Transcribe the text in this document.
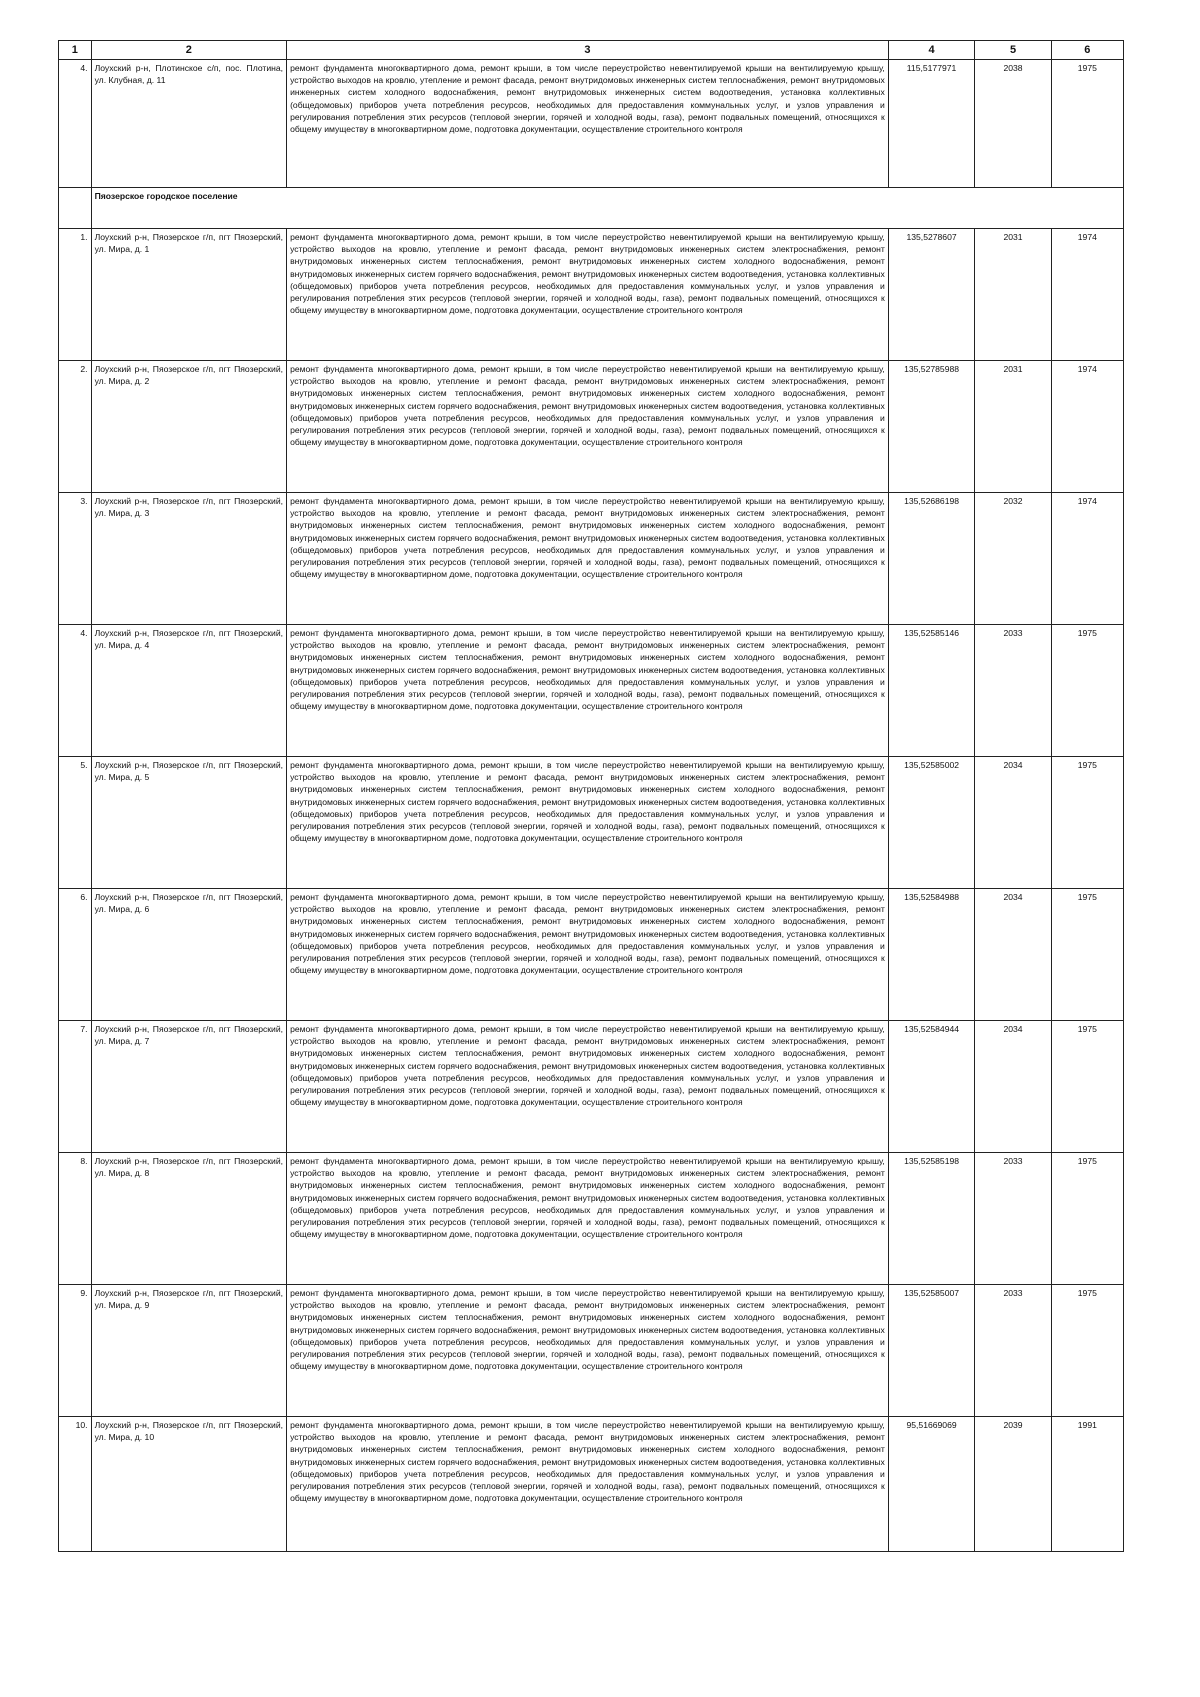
1	2	3	4	5	6
4.	Лоухский р-н, Плотинское с/п, пос. Плотина, ул. Клубная, д. 11	ремонт фундамента многоквартирного дома, ремонт крыши, в том числе переустройство невентилируемой крыши на вентилируемую крышу, устройство выходов на кровлю, утепление и ремонт фасада, ремонт внутридомовых инженерных систем теплоснабжения, ремонт внутридомовых инженерных систем холодного водоснабжения, ремонт внутридомовых инженерных систем водоотведения, установка коллективных (общедомовых) приборов учета потребления ресурсов, необходимых для предоставления коммунальных услуг, и узлов управления и регулирования потребления этих ресурсов (тепловой энергии, горячей и холодной воды, газа), ремонт подвальных помещений, относящихся к общему имуществу в многоквартирном доме, подготовка документации, осуществление строительного контроля	115,5177971	2038	1975
	Пяозерское городское поселение				
1.	Лоухский р-н, Пяозерское г/п, пгт Пяозерский, ул. Мира, д. 1	ремонт фундамента многоквартирного дома, ремонт крыши, в том числе переустройство невентилируемой крыши на вентилируемую крышу, устройство выходов на кровлю, утепление и ремонт фасада, ремонт внутридомовых инженерных систем электроснабжения, ремонт внутридомовых инженерных систем теплоснабжения, ремонт внутридомовых инженерных систем холодного водоснабжения, ремонт внутридомовых инженерных систем горячего водоснабжения, ремонт внутридомовых инженерных систем водоотведения, установка коллективных (общедомовых) приборов учета потребления ресурсов, необходимых для предоставления коммунальных услуг, и узлов управления и регулирования потребления этих ресурсов (тепловой энергии, горячей и холодной воды, газа), ремонт подвальных помещений, относящихся к общему имуществу в многоквартирном доме, подготовка документации, осуществление строительного контроля	135,5278607	2031	1974
2.	Лоухский р-н, Пяозерское г/п, пгт Пяозерский, ул. Мира, д. 2	ремонт фундамента многоквартирного дома, ремонт крыши, в том числе переустройство невентилируемой крыши на вентилируемую крышу, устройство выходов на кровлю, утепление и ремонт фасада, ремонт внутридомовых инженерных систем электроснабжения, ремонт внутридомовых инженерных систем теплоснабжения, ремонт внутридомовых инженерных систем холодного водоснабжения, ремонт внутридомовых инженерных систем горячего водоснабжения, ремонт внутридомовых инженерных систем водоотведения, установка коллективных (общедомовых) приборов учета потребления ресурсов, необходимых для предоставления коммунальных услуг, и узлов управления и регулирования потребления этих ресурсов (тепловой энергии, горячей и холодной воды, газа), ремонт подвальных помещений, относящихся к общему имуществу в многоквартирном доме, подготовка документации, осуществление строительного контроля	135,52785988	2031	1974
3.	Лоухский р-н, Пяозерское г/п, пгт Пяозерский, ул. Мира, д. 3	ремонт фундамента многоквартирного дома, ремонт крыши, в том числе переустройство невентилируемой крыши на вентилируемую крышу, устройство выходов на кровлю, утепление и ремонт фасада, ремонт внутридомовых инженерных систем электроснабжения, ремонт внутридомовых инженерных систем теплоснабжения, ремонт внутридомовых инженерных систем холодного водоснабжения, ремонт внутридомовых инженерных систем горячего водоснабжения, ремонт внутридомовых инженерных систем водоотведения, установка коллективных (общедомовых) приборов учета потребления ресурсов, необходимых для предоставления коммунальных услуг, и узлов управления и регулирования потребления этих ресурсов (тепловой энергии, горячей и холодной воды, газа), ремонт подвальных помещений, относящихся к общему имуществу в многоквартирном доме, подготовка документации, осуществление строительного контроля	135,52686198	2032	1974
4.	Лоухский р-н, Пяозерское г/п, пгт Пяозерский, ул. Мира, д. 4	ремонт фундамента многоквартирного дома, ремонт крыши, в том числе переустройство невентилируемой крыши на вентилируемую крышу, устройство выходов на кровлю, утепление и ремонт фасада, ремонт внутридомовых инженерных систем электроснабжения, ремонт внутридомовых инженерных систем теплоснабжения, ремонт внутридомовых инженерных систем холодного водоснабжения, ремонт внутридомовых инженерных систем горячего водоснабжения, ремонт внутридомовых инженерных систем водоотведения, установка коллективных (общедомовых) приборов учета потребления ресурсов, необходимых для предоставления коммунальных услуг, и узлов управления и регулирования потребления этих ресурсов (тепловой энергии, горячей и холодной воды, газа), ремонт подвальных помещений, относящихся к общему имуществу в многоквартирном доме, подготовка документации, осуществление строительного контроля	135,52585146	2033	1975
5.	Лоухский р-н, Пяозерское г/п, пгт Пяозерский, ул. Мира, д. 5	ремонт фундамента многоквартирного дома, ремонт крыши, в том числе переустройство невентилируемой крыши на вентилируемую крышу, устройство выходов на кровлю, утепление и ремонт фасада, ремонт внутридомовых инженерных систем электроснабжения, ремонт внутридомовых инженерных систем теплоснабжения, ремонт внутридомовых инженерных систем холодного водоснабжения, ремонт внутридомовых инженерных систем горячего водоснабжения, ремонт внутридомовых инженерных систем водоотведения, установка коллективных (общедомовых) приборов учета потребления ресурсов, необходимых для предоставления коммунальных услуг, и узлов управления и регулирования потребления этих ресурсов (тепловой энергии, горячей и холодной воды, газа), ремонт подвальных помещений, относящихся к общему имуществу в многоквартирном доме, подготовка документации, осуществление строительного контроля	135,52585002	2034	1975
6.	Лоухский р-н, Пяозерское г/п, пгт Пяозерский, ул. Мира, д. 6	ремонт фундамента многоквартирного дома, ремонт крыши, в том числе переустройство невентилируемой крыши на вентилируемую крышу, устройство выходов на кровлю, утепление и ремонт фасада, ремонт внутридомовых инженерных систем электроснабжения, ремонт внутридомовых инженерных систем теплоснабжения, ремонт внутридомовых инженерных систем холодного водоснабжения, ремонт внутридомовых инженерных систем горячего водоснабжения, ремонт внутридомовых инженерных систем водоотведения, установка коллективных (общедомовых) приборов учета потребления ресурсов, необходимых для предоставления коммунальных услуг, и узлов управления и регулирования потребления этих ресурсов (тепловой энергии, горячей и холодной воды, газа), ремонт подвальных помещений, относящихся к общему имуществу в многоквартирном доме, подготовка документации, осуществление строительного контроля	135,52584988	2034	1975
7.	Лоухский р-н, Пяозерское г/п, пгт Пяозерский, ул. Мира, д. 7	ремонт фундамента многоквартирного дома, ремонт крыши, в том числе переустройство невентилируемой крыши на вентилируемую крышу, устройство выходов на кровлю, утепление и ремонт фасада, ремонт внутридомовых инженерных систем электроснабжения, ремонт внутридомовых инженерных систем теплоснабжения, ремонт внутридомовых инженерных систем холодного водоснабжения, ремонт внутридомовых инженерных систем горячего водоснабжения, ремонт внутридомовых инженерных систем водоотведения, установка коллективных (общедомовых) приборов учета потребления ресурсов, необходимых для предоставления коммунальных услуг, и узлов управления и регулирования потребления этих ресурсов (тепловой энергии, горячей и холодной воды, газа), ремонт подвальных помещений, относящихся к общему имуществу в многоквартирном доме, подготовка документации, осуществление строительного контроля	135,52584944	2034	1975
8.	Лоухский р-н, Пяозерское г/п, пгт Пяозерский, ул. Мира, д. 8	ремонт фундамента многоквартирного дома, ремонт крыши, в том числе переустройство невентилируемой крыши на вентилируемую крышу, устройство выходов на кровлю, утепление и ремонт фасада, ремонт внутридомовых инженерных систем электроснабжения, ремонт внутридомовых инженерных систем теплоснабжения, ремонт внутридомовых инженерных систем холодного водоснабжения, ремонт внутридомовых инженерных систем горячего водоснабжения, ремонт внутридомовых инженерных систем водоотведения, установка коллективных (общедомовых) приборов учета потребления ресурсов, необходимых для предоставления коммунальных услуг, и узлов управления и регулирования потребления этих ресурсов (тепловой энергии, горячей и холодной воды, газа), ремонт подвальных помещений, относящихся к общему имуществу в многоквартирном доме, подготовка документации, осуществление строительного контроля	135,52585198	2033	1975
9.	Лоухский р-н, Пяозерское г/п, пгт Пяозерский, ул. Мира, д. 9	ремонт фундамента многоквартирного дома, ремонт крыши, в том числе переустройство невентилируемой крыши на вентилируемую крышу, устройство выходов на кровлю, утепление и ремонт фасада, ремонт внутридомовых инженерных систем электроснабжения, ремонт внутридомовых инженерных систем теплоснабжения, ремонт внутридомовых инженерных систем холодного водоснабжения, ремонт внутридомовых инженерных систем горячего водоснабжения, ремонт внутридомовых инженерных систем водоотведения, установка коллективных (общедомовых) приборов учета потребления ресурсов, необходимых для предоставления коммунальных услуг, и узлов управления и регулирования потребления этих ресурсов (тепловой энергии, горячей и холодной воды, газа), ремонт подвальных помещений, относящихся к общему имуществу в многоквартирном доме, подготовка документации, осуществление строительного контроля	135,52585007	2033	1975
10.	Лоухский р-н, Пяозерское г/п, пгт Пяозерский, ул. Мира, д. 10	ремонт фундамента многоквартирного дома, ремонт крыши, в том числе переустройство невентилируемой крыши на вентилируемую крышу, устройство выходов на кровлю, утепление и ремонт фасада, ремонт внутридомовых инженерных систем электроснабжения, ремонт внутридомовых инженерных систем теплоснабжения, ремонт внутридомовых инженерных систем холодного водоснабжения, ремонт внутридомовых инженерных систем горячего водоснабжения, ремонт внутридомовых инженерных систем водоотведения, установка коллективных (общедомовых) приборов учета потребления ресурсов, необходимых для предоставления коммунальных услуг, и узлов управления и регулирования потребления этих ресурсов (тепловой энергии, горячей и холодной воды, газа), ремонт подвальных помещений, относящихся к общему имуществу в многоквартирном доме, подготовка документации, осуществление строительного контроля	95,51669069	2039	1991
